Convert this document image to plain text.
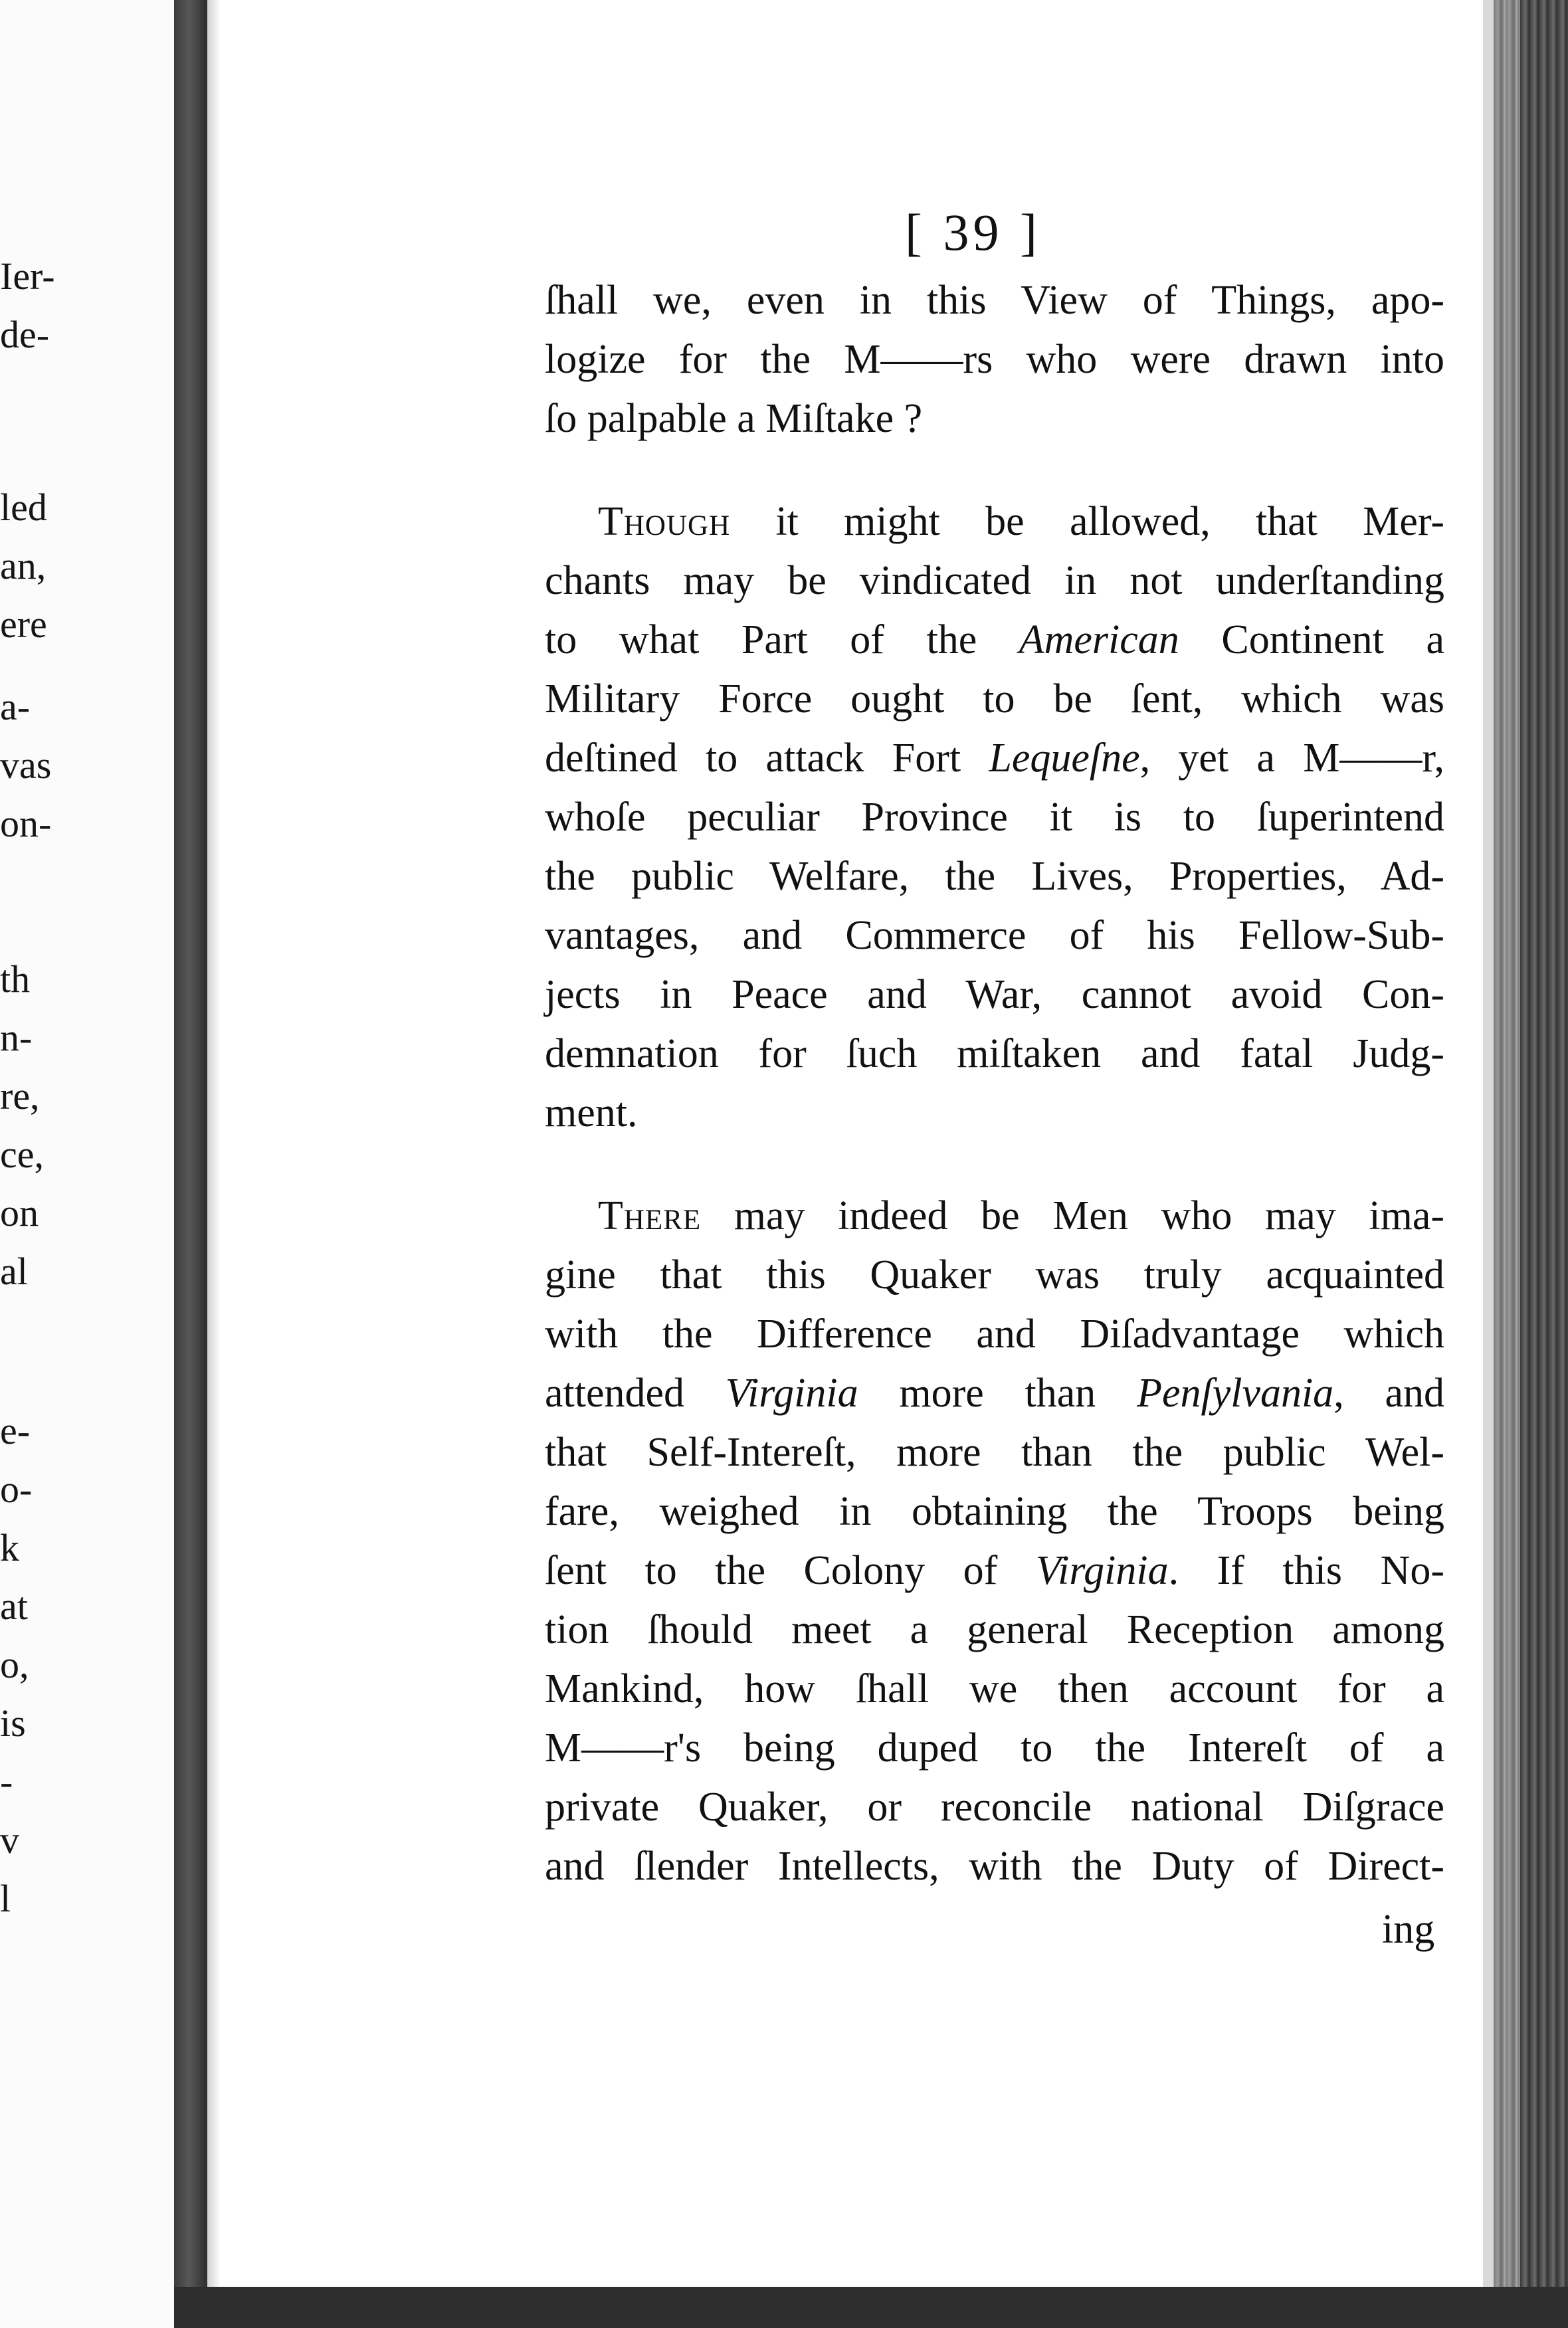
Ier-
de-
led
an,
ere
a-
vas
on-
th
n-
re,
ce,
on
al
e-
o-
k
at
o,
is
-
v
l
[ 39 ]
ſhall we, even in this View of Things, apo-
logize for the M——rs who were drawn into
ſo palpable a Miſtake ?
Though it might be allowed, that Mer-
chants may be vindicated in not underſtanding
to what Part of the American Continent a
Military Force ought to be ſent, which was
deſtined to attack Fort Lequeſne, yet a M——r,
whoſe peculiar Province it is to ſuperintend
the public Welfare, the Lives, Properties, Ad-
vantages, and Commerce of his Fellow-Sub-
jects in Peace and War, cannot avoid Con-
demnation for ſuch miſtaken and fatal Judg-
ment.
There may indeed be Men who may ima-
gine that this Quaker was truly acquainted
with the Difference and Diſadvantage which
attended Virginia more than Penſylvania, and
that Self-Intereſt, more than the public Wel-
fare, weighed in obtaining the Troops being
ſent to the Colony of Virginia. If this No-
tion ſhould meet a general Reception among
Mankind, how ſhall we then account for a
M——r's being duped to the Intereſt of a
private Quaker, or reconcile national Diſgrace
and ſlender Intellects, with the Duty of Direct-
ing
